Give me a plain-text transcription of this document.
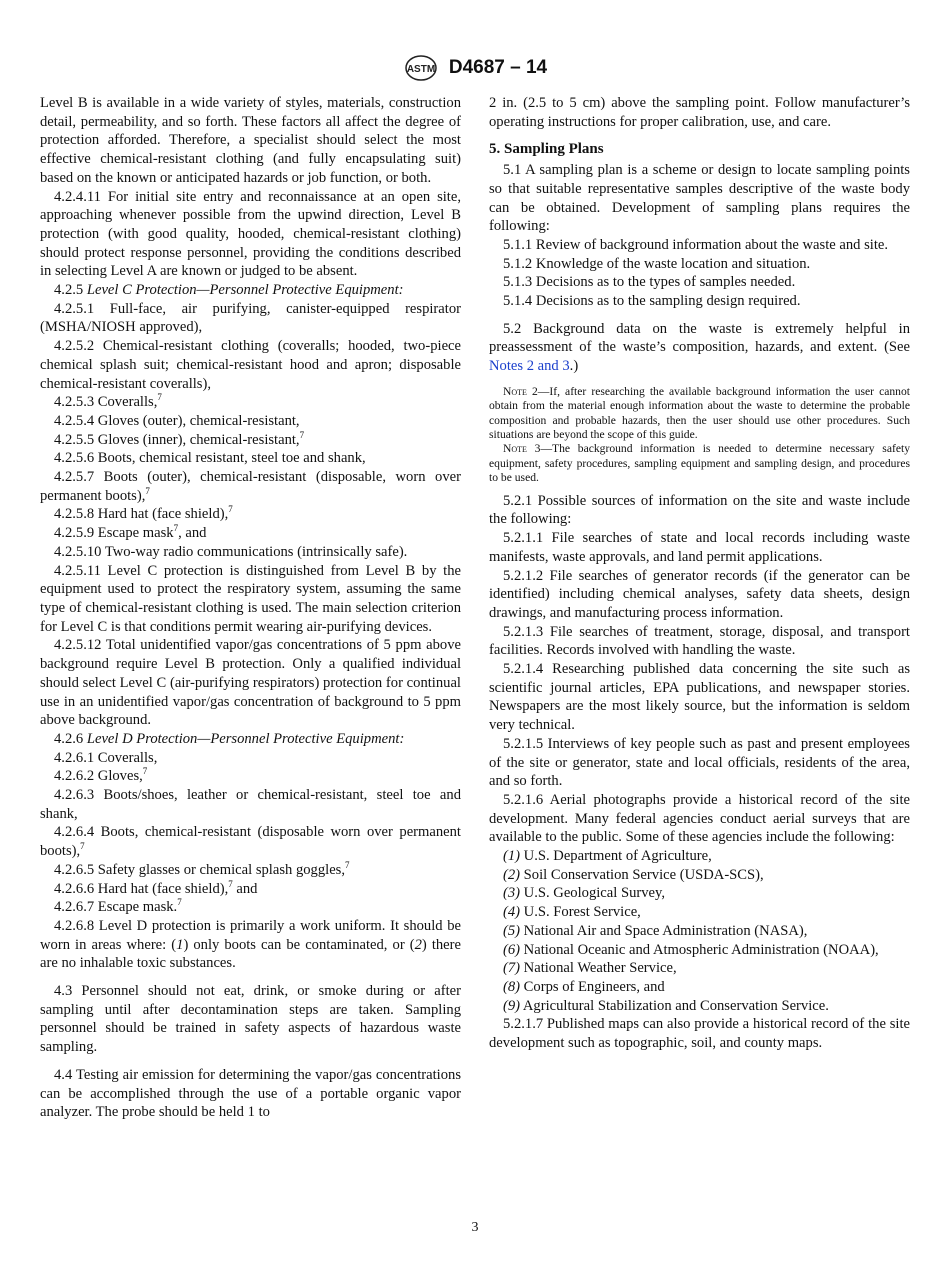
ASTM D4687 – 14

Level B is available in a wide variety of styles, materials, construction detail, permeability, and so forth. These factors all affect the degree of protection afforded. Therefore, a specialist should select the most effective chemical-resistant clothing (and fully encapsulating suit) based on the known or anticipated hazards or job function, or both.

4.2.4.11 For initial site entry and reconnaissance at an open site, approaching whenever possible from the upwind direction, Level B protection (with good quality, hooded, chemical-resistant clothing) should protect response personnel, providing the conditions described in selecting Level A are known or judged to be absent.

4.2.5 Level C Protection—Personnel Protective Equipment:

4.2.5.1 Full-face, air purifying, canister-equipped respirator (MSHA/NIOSH approved),

4.2.5.2 Chemical-resistant clothing (coveralls; hooded, two-piece chemical splash suit; chemical-resistant hood and apron; disposable chemical-resistant coveralls),

4.2.5.3 Coveralls,$^7$

4.2.5.4 Gloves (outer), chemical-resistant,

4.2.5.5 Gloves (inner), chemical-resistant,$^7$

4.2.5.6 Boots, chemical resistant, steel toe and shank,

4.2.5.7 Boots (outer), chemical-resistant (disposable, worn over permanent boots),$^7$

4.2.5.8 Hard hat (face shield),$^7$

4.2.5.9 Escape mask$^7$, and

4.2.5.10 Two-way radio communications (intrinsically safe).

4.2.5.11 Level C protection is distinguished from Level B by the equipment used to protect the respiratory system, assuming the same type of chemical-resistant clothing is used. The main selection criterion for Level C is that conditions permit wearing air-purifying devices.

4.2.5.12 Total unidentified vapor/gas concentrations of 5 ppm above background require Level B protection. Only a qualified individual should select Level C (air-purifying respirators) protection for continual use in an unidentified vapor/gas concentration of background to 5 ppm above background.

4.2.6 Level D Protection—Personnel Protective Equipment:

4.2.6.1 Coveralls,

4.2.6.2 Gloves,$^7$

4.2.6.3 Boots/shoes, leather or chemical-resistant, steel toe and shank,

4.2.6.4 Boots, chemical-resistant (disposable worn over permanent boots),$^7$

4.2.6.5 Safety glasses or chemical splash goggles,$^7$

4.2.6.6 Hard hat (face shield),$^7$ and

4.2.6.7 Escape mask.$^7$

4.2.6.8 Level D protection is primarily a work uniform. It should be worn in areas where: (1) only boots can be contaminated, or (2) there are no inhalable toxic substances.

4.3 Personnel should not eat, drink, or smoke during or after sampling until after decontamination steps are taken. Sampling personnel should be trained in safety aspects of hazardous waste sampling.

4.4 Testing air emission for determining the vapor/gas concentrations can be accomplished through the use of a portable organic vapor analyzer. The probe should be held 1 to

2 in. (2.5 to 5 cm) above the sampling point. Follow manufacturer’s operating instructions for proper calibration, use, and care.

5. Sampling Plans

5.1 A sampling plan is a scheme or design to locate sampling points so that suitable representative samples descriptive of the waste body can be obtained. Development of sampling plans requires the following:

5.1.1 Review of background information about the waste and site.

5.1.2 Knowledge of the waste location and situation.

5.1.3 Decisions as to the types of samples needed.

5.1.4 Decisions as to the sampling design required.

5.2 Background data on the waste is extremely helpful in preassessment of the waste’s composition, hazards, and extent. (See Notes 2 and 3.)

Note 2—If, after researching the available background information the user cannot obtain from the material enough information about the waste to determine the probable composition and probable hazards, then the user should use other procedures. Such situations are beyond the scope of this guide.

Note 3—The background information is needed to determine necessary safety equipment, safety procedures, sampling equipment and sampling design, and procedures to be used.

5.2.1 Possible sources of information on the site and waste include the following:

5.2.1.1 File searches of state and local records including waste manifests, waste approvals, and land permit applications.

5.2.1.2 File searches of generator records (if the generator can be identified) including chemical analyses, safety data sheets, design drawings, and manufacturing process information.

5.2.1.3 File searches of treatment, storage, disposal, and transport facilities. Records involved with handling the waste.

5.2.1.4 Researching published data concerning the site such as scientific journal articles, EPA publications, and newspaper stories. Newspapers are the most likely source, but the information is seldom very technical.

5.2.1.5 Interviews of key people such as past and present employees of the site or generator, state and local officials, residents of the area, and so forth.

5.2.1.6 Aerial photographs provide a historical record of the site development. Many federal agencies conduct aerial surveys that are available to the public. Some of these agencies include the following:

(1) U.S. Department of Agriculture,

(2) Soil Conservation Service (USDA-SCS),

(3) U.S. Geological Survey,

(4) U.S. Forest Service,

(5) National Air and Space Administration (NASA),

(6) National Oceanic and Atmospheric Administration (NOAA),

(7) National Weather Service,

(8) Corps of Engineers, and

(9) Agricultural Stabilization and Conservation Service.

5.2.1.7 Published maps can also provide a historical record of the site development such as topographic, soil, and county maps.

3
